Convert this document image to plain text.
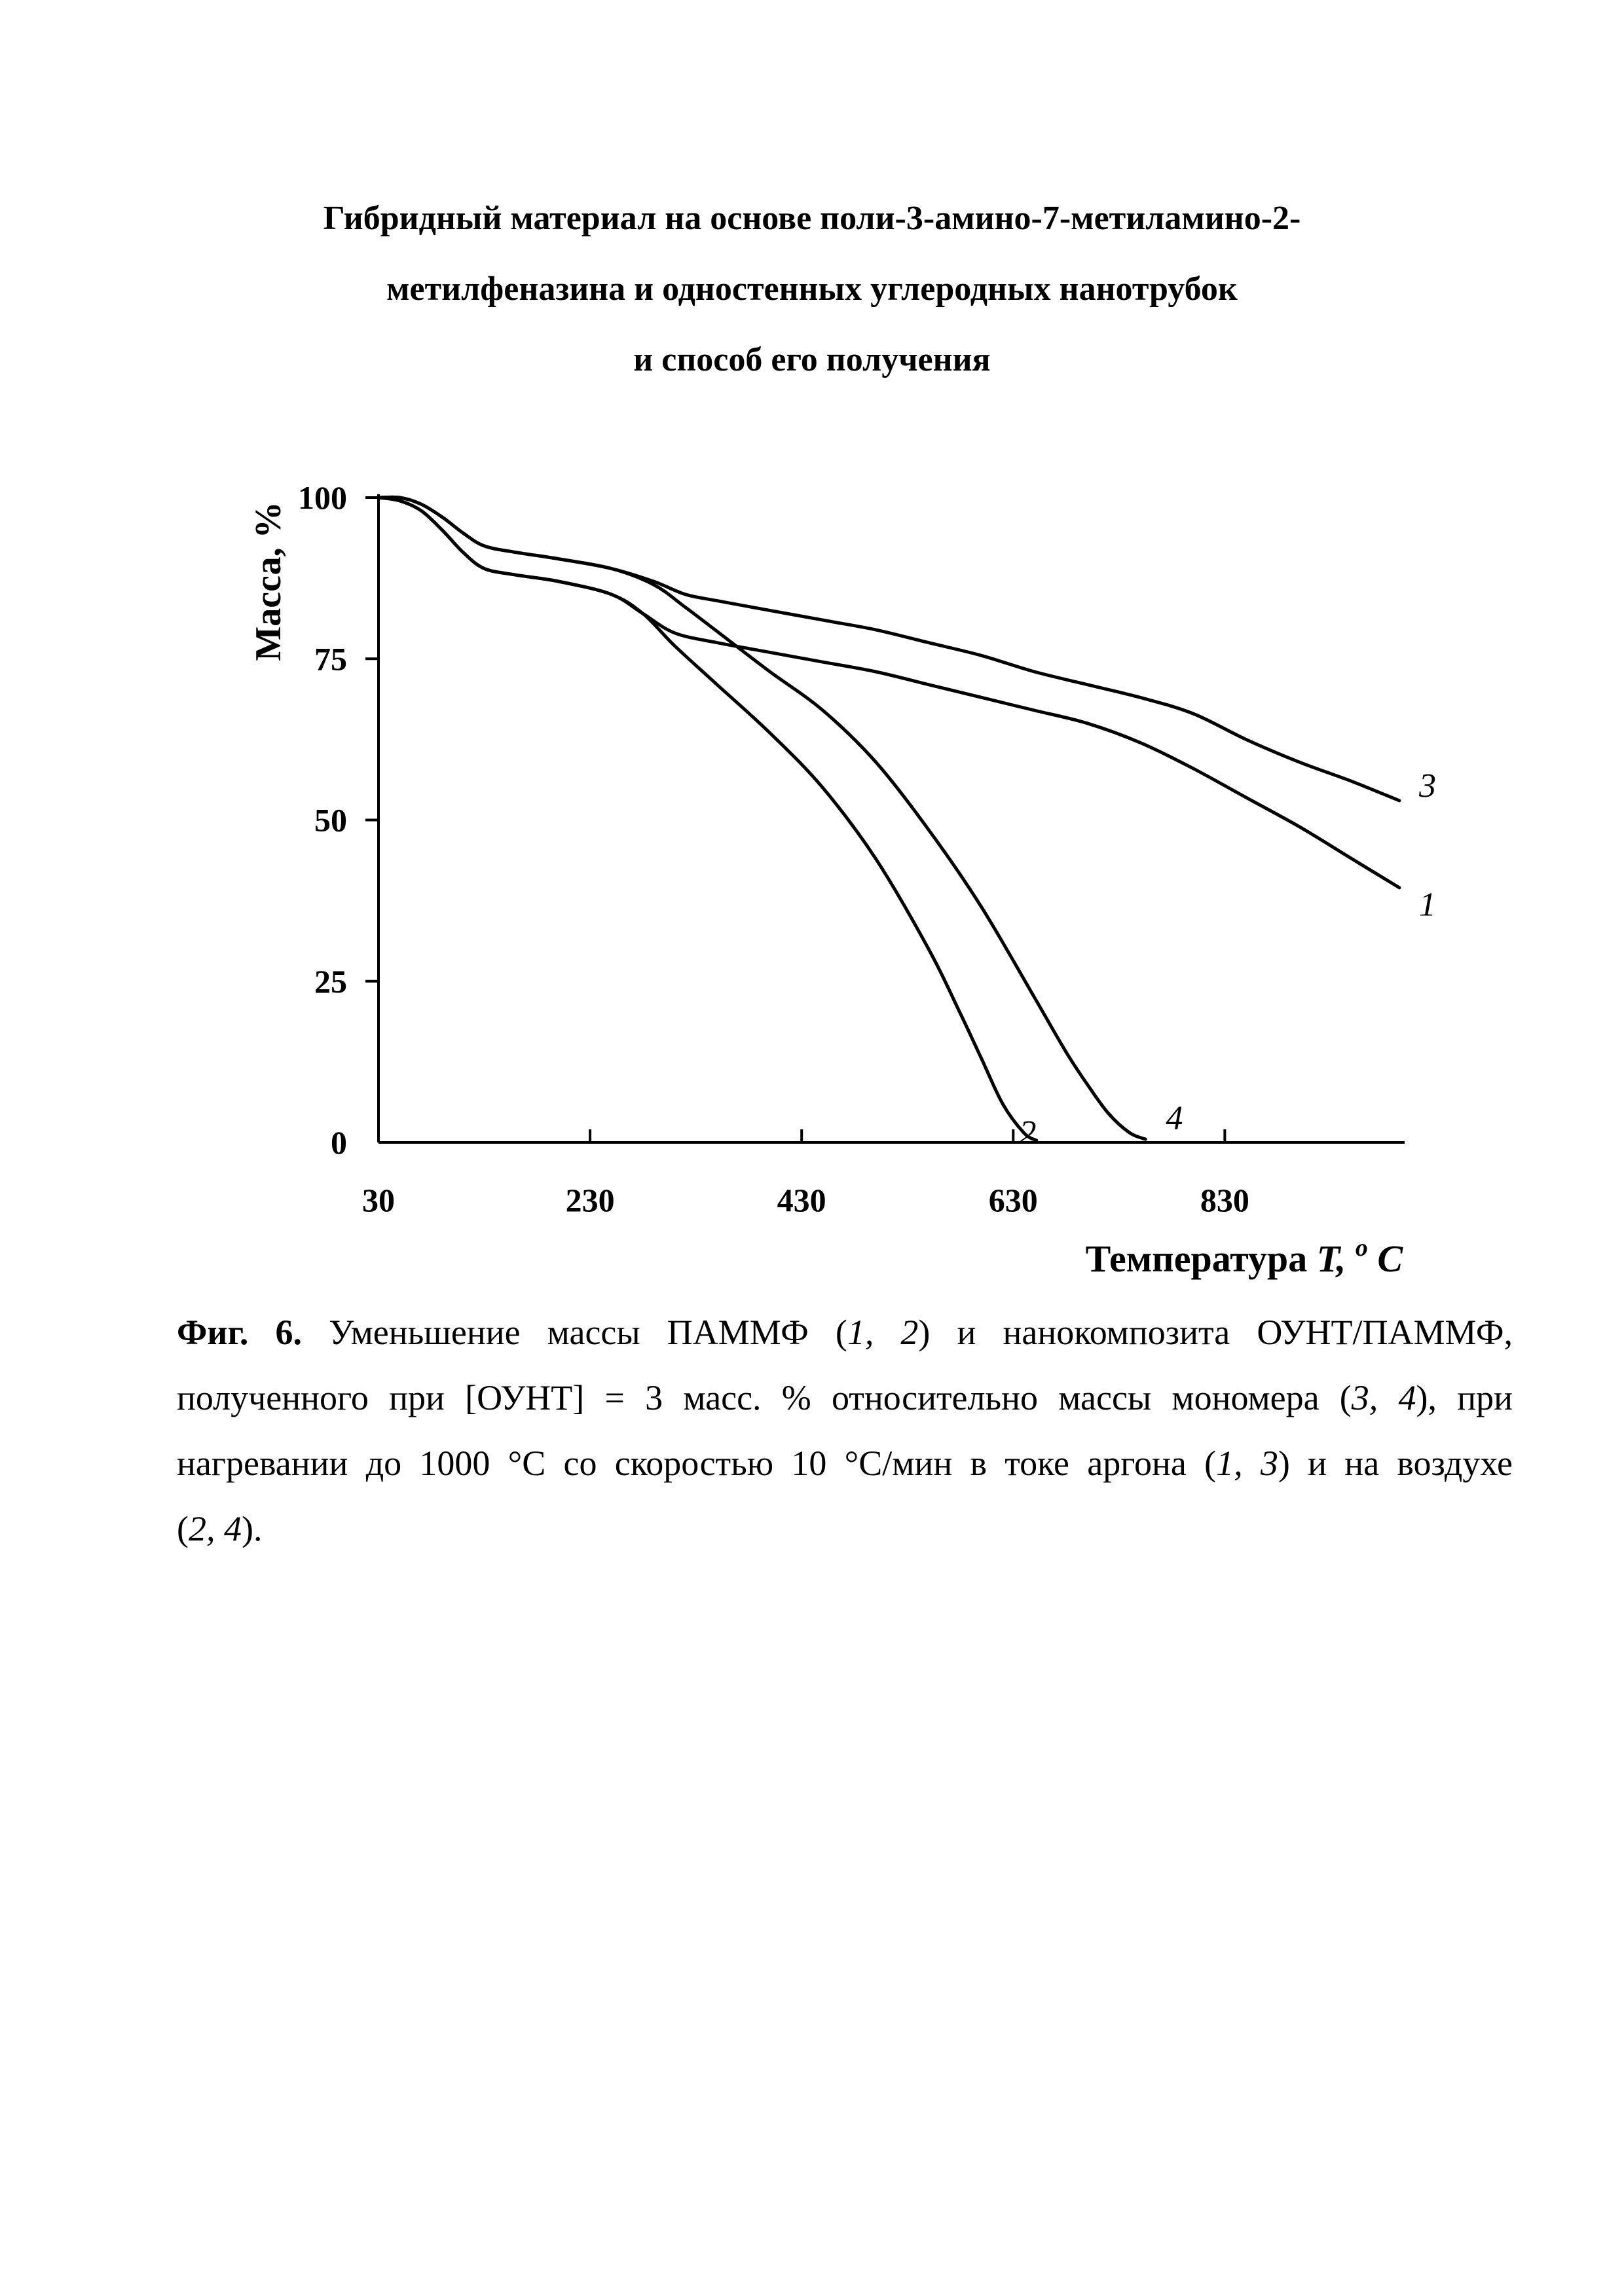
Гибридный материал на основе поли-3-амино-7-метиламино-2-
метилфеназина и одностенных углеродных нанотрубок
и способ его получения
0
25
50
75
100
30	230	430	630	830
Масса, %
Температура T, o C
1
2
3
4
Фиг. 6. Уменьшение массы ПАММФ (1, 2) и нанокомпозита ОУНТ/ПАММФ,
полученного при [ОУНТ] = 3 масс. % относительно массы мономера (3, 4), при
нагревании до 1000 °С со скоростью 10 °С/мин в токе аргона (1, 3) и на воздухе
(2, 4).
